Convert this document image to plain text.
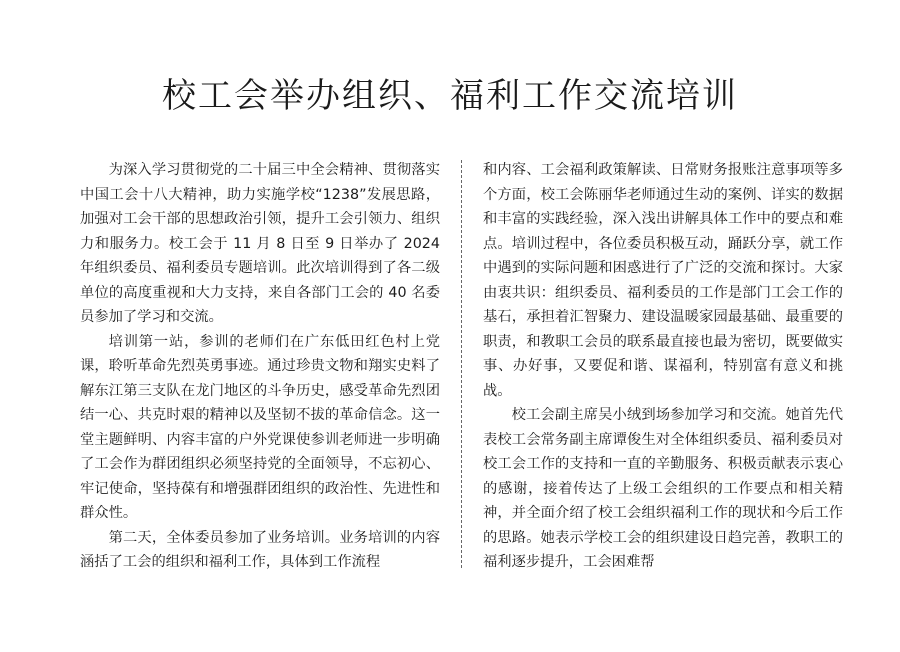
校工会举办组织、福利工作交流培训

为深入学习贯彻党的二十届三中全会精神、贯彻落实中国工会十八大精神，助力实施学校“1238”发展思路，加强对工会干部的思想政治引领，提升工会引领力、组织力和服务力。校工会于 11 月 8 日至 9 日举办了 2024 年组织委员、福利委员专题培训。此次培训得到了各二级单位的高度重视和大力支持，来自各部门工会的 40 名委员参加了学习和交流。

培训第一站，参训的老师们在广东低田红色村上党课，聆听革命先烈英勇事迹。通过珍贵文物和翔实史料了解东江第三支队在龙门地区的斗争历史，感受革命先烈团结一心、共克时艰的精神以及坚韧不拔的革命信念。这一堂主题鲜明、内容丰富的户外党课使参训老师进一步明确了工会作为群团组织必须坚持党的全面领导，不忘初心、牢记使命，坚持葆有和增强群团组织的政治性、先进性和群众性。

第二天，全体委员参加了业务培训。业务培训的内容涵括了工会的组织和福利工作，具体到工作流程

和内容、工会福利政策解读、日常财务报账注意事项等多个方面，校工会陈丽华老师通过生动的案例、详实的数据和丰富的实践经验，深入浅出讲解具体工作中的要点和难点。培训过程中，各位委员积极互动，踊跃分享，就工作中遇到的实际问题和困惑进行了广泛的交流和探讨。大家由衷共识：组织委员、福利委员的工作是部门工会工作的基石，承担着汇智聚力、建设温暖家园最基础、最重要的职责，和教职工会员的联系最直接也最为密切，既要做实事、办好事，又要促和谐、谋福利，特别富有意义和挑战。

校工会副主席吴小绒到场参加学习和交流。她首先代表校工会常务副主席谭俊生对全体组织委员、福利委员对校工会工作的支持和一直的辛勤服务、积极贡献表示衷心的感谢，接着传达了上级工会组织的工作要点和相关精神，并全面介绍了校工会组织福利工作的现状和今后工作的思路。她表示学校工会的组织建设日趋完善，教职工的福利逐步提升，工会困难帮
